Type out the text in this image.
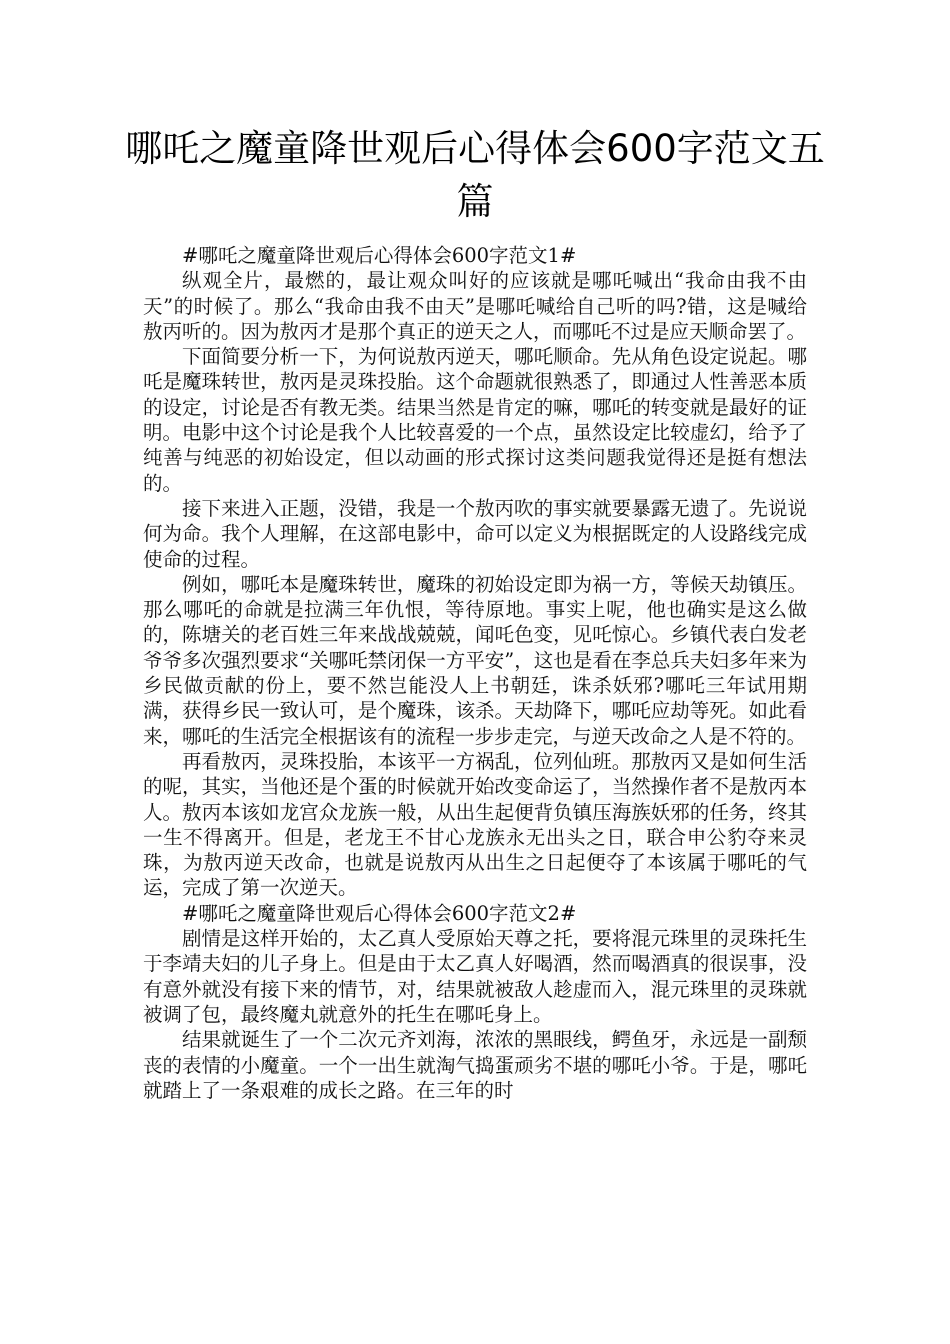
哪吒之魔童降世观后心得体会600字范文五篇

#哪吒之魔童降世观后心得体会600字范文1#

纵观全片，最燃的，最让观众叫好的应该就是哪吒喊出“我命由我不由天”的时候了。那么“我命由我不由天”是哪吒喊给自己听的吗?错，这是喊给敖丙听的。因为敖丙才是那个真正的逆天之人，而哪吒不过是应天顺命罢了。

下面简要分析一下，为何说敖丙逆天，哪吒顺命。先从角色设定说起。哪吒是魔珠转世，敖丙是灵珠投胎。这个命题就很熟悉了，即通过人性善恶本质的设定，讨论是否有教无类。结果当然是肯定的嘛，哪吒的转变就是最好的证明。电影中这个讨论是我个人比较喜爱的一个点，虽然设定比较虚幻，给予了纯善与纯恶的初始设定，但以动画的形式探讨这类问题我觉得还是挺有想法的。

接下来进入正题，没错，我是一个敖丙吹的事实就要暴露无遗了。先说说何为命。我个人理解，在这部电影中，命可以定义为根据既定的人设路线完成使命的过程。

例如，哪吒本是魔珠转世，魔珠的初始设定即为祸一方，等候天劫镇压。那么哪吒的命就是拉满三年仇恨，等待原地。事实上呢，他也确实是这么做的，陈塘关的老百姓三年来战战兢兢，闻吒色变，见吒惊心。乡镇代表白发老爷爷多次强烈要求“关哪吒禁闭保一方平安”，这也是看在李总兵夫妇多年来为乡民做贡献的份上，要不然岂能没人上书朝廷，诛杀妖邪?哪吒三年试用期满，获得乡民一致认可，是个魔珠，该杀。天劫降下，哪吒应劫等死。如此看来，哪吒的生活完全根据该有的流程一步步走完，与逆天改命之人是不符的。

再看敖丙，灵珠投胎，本该平一方祸乱，位列仙班。那敖丙又是如何生活的呢，其实，当他还是个蛋的时候就开始改变命运了，当然操作者不是敖丙本人。敖丙本该如龙宫众龙族一般，从出生起便背负镇压海族妖邪的任务，终其一生不得离开。但是，老龙王不甘心龙族永无出头之日，联合申公豹夺来灵珠，为敖丙逆天改命，也就是说敖丙从出生之日起便夺了本该属于哪吒的气运，完成了第一次逆天。

#哪吒之魔童降世观后心得体会600字范文2#

剧情是这样开始的，太乙真人受原始天尊之托，要将混元珠里的灵珠托生于李靖夫妇的儿子身上。但是由于太乙真人好喝酒，然而喝酒真的很误事，没有意外就没有接下来的情节，对，结果就被敌人趁虚而入，混元珠里的灵珠就被调了包，最终魔丸就意外的托生在哪吒身上。

结果就诞生了一个二次元齐刘海，浓浓的黑眼线，鳄鱼牙，永远是一副颓丧的表情的小魔童。一个一出生就淘气捣蛋顽劣不堪的哪吒小爷。于是，哪吒就踏上了一条艰难的成长之路。在三年的时
